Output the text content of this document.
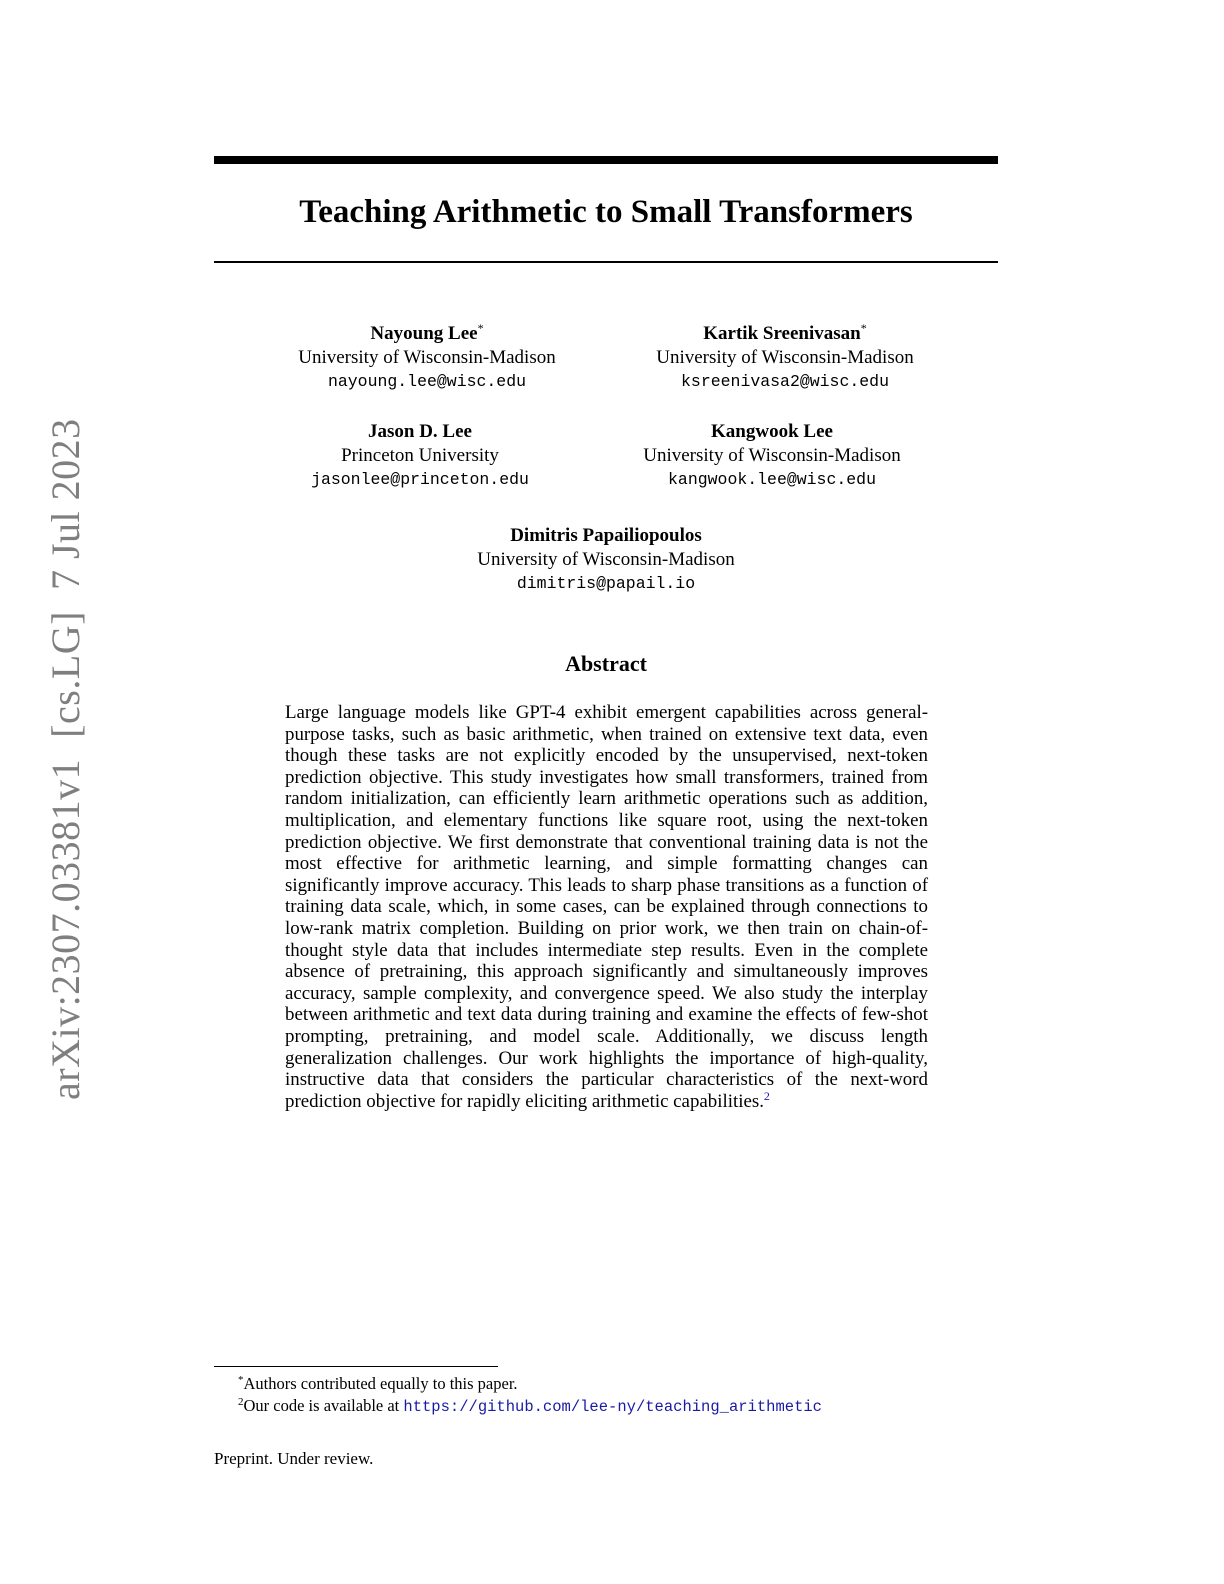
arXiv:2307.03381v1  [cs.LG]  7 Jul 2023
Teaching Arithmetic to Small Transformers
Nayoung Lee*
University of Wisconsin-Madison
nayoung.lee@wisc.edu
Kartik Sreenivasan*
University of Wisconsin-Madison
ksreenivasa2@wisc.edu
Jason D. Lee
Princeton University
jasonlee@princeton.edu
Kangwook Lee
University of Wisconsin-Madison
kangwook.lee@wisc.edu
Dimitris Papailiopoulos
University of Wisconsin-Madison
dimitris@papail.io
Abstract
Large language models like GPT-4 exhibit emergent capabilities across general-purpose tasks, such as basic arithmetic, when trained on extensive text data, even though these tasks are not explicitly encoded by the unsupervised, next-token prediction objective. This study investigates how small transformers, trained from random initialization, can efficiently learn arithmetic operations such as addition, multiplication, and elementary functions like square root, using the next-token prediction objective. We first demonstrate that conventional training data is not the most effective for arithmetic learning, and simple formatting changes can significantly improve accuracy. This leads to sharp phase transitions as a function of training data scale, which, in some cases, can be explained through connections to low-rank matrix completion. Building on prior work, we then train on chain-of-thought style data that includes intermediate step results. Even in the complete absence of pretraining, this approach significantly and simultaneously improves accuracy, sample complexity, and convergence speed. We also study the interplay between arithmetic and text data during training and examine the effects of few-shot prompting, pretraining, and model scale. Additionally, we discuss length generalization challenges. Our work highlights the importance of high-quality, instructive data that considers the particular characteristics of the next-word prediction objective for rapidly eliciting arithmetic capabilities.$^2$
*Authors contributed equally to this paper.
$^2$Our code is available at https://github.com/lee-ny/teaching_arithmetic
Preprint. Under review.
